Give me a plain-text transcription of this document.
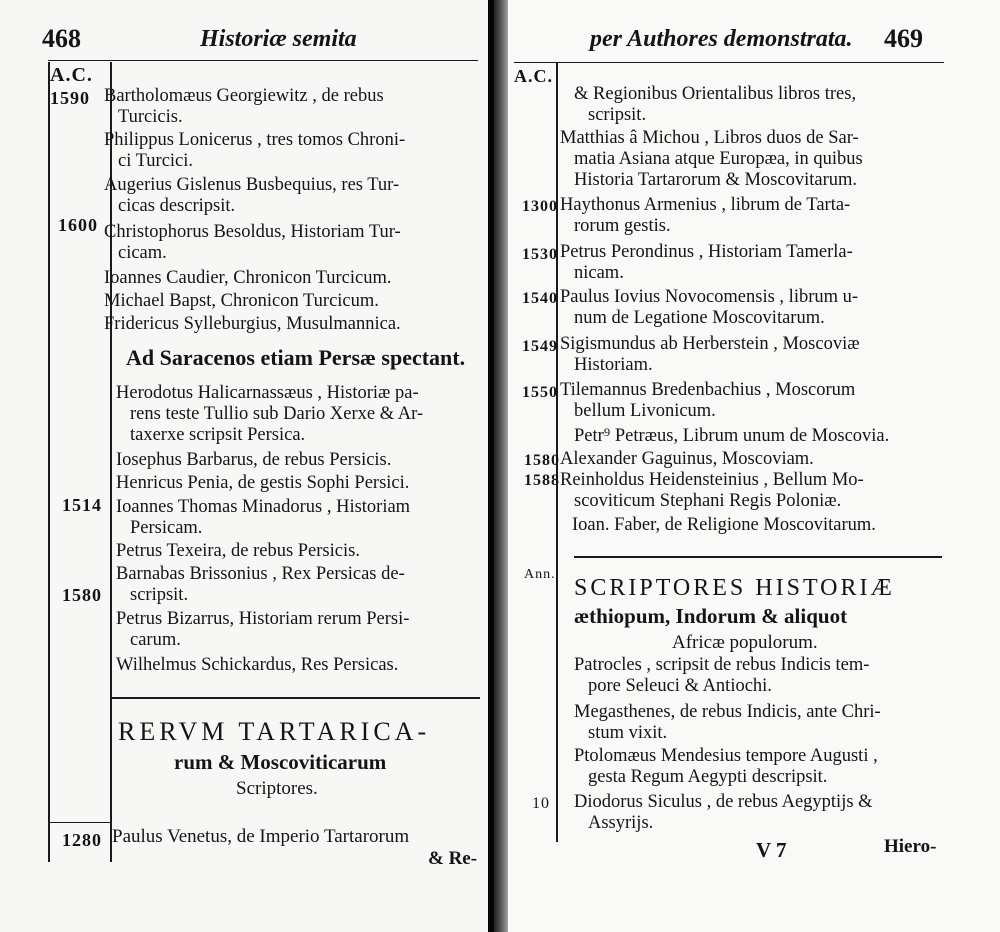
468	Historiæ semita
A.C.
1590
1600
1514
1580
1280
Bartholomæus Georgiewitz , de rebus
Turcicis.
Philippus Lonicerus , tres tomos Chroni-
ci Turcici.
Augerius Gislenus Busbequius, res Tur-
cicas descripsit.
Christophorus Besoldus, Historiam Tur-
cicam.
Ioannes Caudier, Chronicon Turcicum.
Michael Bapst, Chronicon Turcicum.
Fridericus Sylleburgius, Musulmannica.
Ad Saracenos etiam Persæ spectant.
Herodotus Halicarnassæus , Historiæ pa-
rens teste Tullio sub Dario Xerxe & Ar-
taxerxe scripsit Persica.
Iosephus Barbarus, de rebus Persicis.
Henricus Penia, de gestis Sophi Persici.
Ioannes Thomas Minadorus , Historiam
Persicam.
Petrus Texeira, de rebus Persicis.
Barnabas Brissonius , Rex Persicas de-
scripsit.
Petrus Bizarrus, Historiam rerum Persi-
carum.
Wilhelmus Schickardus, Res Persicas.
RERVM TARTARICA-
rum & Moscoviticarum
Scriptores.
Paulus Venetus, de Imperio Tartarorum
& Re-
per Authores demonstrata. 469
A.C.
1300
1530
1540
1549
1550
1580
1588
Ann.
10
& Regionibus Orientalibus libros tres,
scripsit.
Matthias â Michou , Libros duos de Sar-
matia Asiana atque Europæa, in quibus
Historia Tartarorum & Moscovitarum.
Haythonus Armenius , librum de Tarta-
rorum gestis.
Petrus Perondinus , Historiam Tamerla-
nicam.
Paulus Iovius Novocomensis , librum u-
num de Legatione Moscovitarum.
Sigismundus ab Herberstein , Moscoviæ
Historiam.
Tilemannus Bredenbachius , Moscorum
bellum Livonicum.
Petr⁹ Petræus, Librum unum de Moscovia.
Alexander Gaguinus, Moscoviam.
Reinholdus Heidensteinius , Bellum Mo-
scoviticum Stephani Regis Poloniæ.
Ioan. Faber, de Religione Moscovitarum.
SCRIPTORES HISTORIÆ
æthiopum, Indorum & aliquot
Africæ populorum.
Patrocles , scripsit de rebus Indicis tem-
pore Seleuci & Antiochi.
Megasthenes, de rebus Indicis, ante Chri-
stum vixit.
Ptolomæus Mendesius tempore Augusti ,
gesta Regum Aegypti descripsit.
Diodorus Siculus , de rebus Aegyptijs &
Assyrijs.
V 7	Hiero-
